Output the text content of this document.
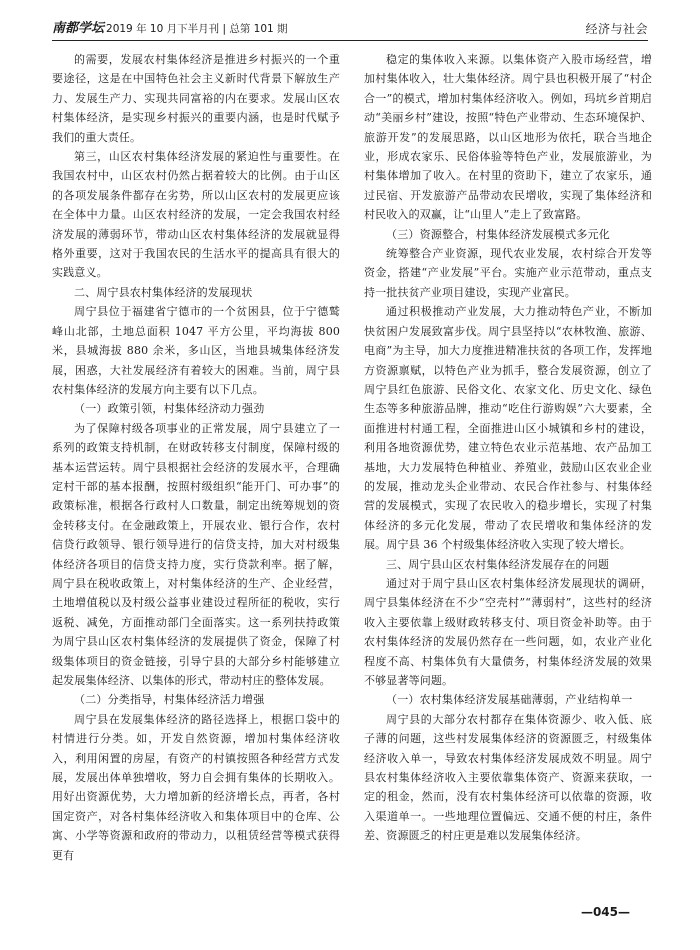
南都学坛 2019 年 10 月下半月刊 | 总第 101 期	经济与社会

的需要，发展农村集体经济是推进乡村振兴的一个重要途径，这是在中国特色社会主义新时代背景下解放生产力、发展生产力、实现共同富裕的内在要求。发展山区农村集体经济，是实现乡村振兴的重要内涵，也是时代赋予我们的重大责任。

第三，山区农村集体经济发展的紧迫性与重要性。在我国农村中，山区农村仍然占据着较大的比例。由于山区的各项发展条件都存在劣势，所以山区农村的发展更应该在全体中力量。山区农村经济的发展，一定会我国农村经济发展的薄弱环节，带动山区农村集体经济的发展就显得格外重要，这对于我国农民的生活水平的提高具有很大的实践意义。

二、周宁县农村集体经济的发展现状

周宁县位于福建省宁德市的一个贫困县，位于宁德鹫峰山北部，土地总面积 1047 平方公里，平均海拔 800 米，县城海拔 880 余米，多山区，当地县城集体经济发展，困惑，大社发展经济有着较大的困难。当前，周宁县农村集体经济的发展方向主要有以下几点。

（一）政策引领，村集体经济动力强劲

为了保障村级各项事业的正常发展，周宁县建立了一系列的政策支持机制，在财政转移支付制度，保障村级的基本运营运转。周宁县根据社会经济的发展水平，合理确定村干部的基本报酬，按照村级组织“能开门、可办事”的政策标准，根据各行政村人口数量，制定出统筹规划的资金转移支付。在金融政策上，开展农业、银行合作，农村信贷行政领导、银行领导进行的信贷支持，加大对村级集体经济各项目的信贷支持力度，实行贷款利率。据了解，周宁县在税收政策上，对村集体经济的生产、企业经营，土地增值税以及村级公益事业建设过程所征的税收，实行返税、减免，方面推动部门全面落实。这一系列扶持政策为周宁县山区农村集体经济的发展提供了资金，保障了村级集体项目的资金链接，引导宁县的大部分乡村能够建立起发展集体经济、以集体的形式，带动村庄的整体发展。

（二）分类指导，村集体经济活力增强

周宁县在发展集体经济的路径选择上，根据口袋中的村情进行分类。如，开发自然资源，增加村集体经济收入，利用闲置的房屋，有资产的村镇按照各种经营方式发展，发展出体单独增收，努力自会拥有集体的长期收入。用好出资源优势，大力增加新的经济增长点，再者，各村国定资产，对各村集体经济收入和集体项目中的仓库、公寓、小学等资源和政府的带动力，以租赁经营等模式获得更有

稳定的集体收入来源。以集体资产入股市场经营，增加村集体收入，壮大集体经济。周宁县也积极开展了“村企合一”的模式，增加村集体经济收入。例如，玛坑乡首期启动“美丽乡村”建设，按照“特色产业带动、生态环境保护、旅游开发”的发展思路，以山区地形为依托，联合当地企业，形成农家乐、民俗体验等特色产业，发展旅游业，为村集体增加了收入。在村里的资助下，建立了农家乐，通过民宿、开发旅游产品带动农民增收，实现了集体经济和村民收入的双赢，让“山里人”走上了致富路。

（三）资源整合，村集体经济发展模式多元化

统筹整合产业资源，现代农业发展，农村综合开发等资金，搭建“产业发展”平台。实施产业示范带动，重点支持一批扶贫产业项目建设，实现产业富民。

通过积极推动产业发展，大力推动特色产业，不断加快贫困户发展致富步伐。周宁县坚持以“农林牧渔、旅游、电商”为主导，加大力度推进精准扶贫的各项工作，发挥地方资源禀赋，以特色产业为抓手，整合发展资源，创立了周宁县红色旅游、民俗文化、农家文化、历史文化、绿色生态等多种旅游品牌，推动“吃住行游购娱”六大要素，全面推进村村通工程，全面推进山区小城镇和乡村的建设，利用各地资源优势，建立特色农业示范基地、农产品加工基地，大力发展特色种植业、养殖业，鼓励山区农业企业的发展，推动龙头企业带动、农民合作社参与、村集体经营的发展模式，实现了农民收入的稳步增长，实现了村集体经济的多元化发展，带动了农民增收和集体经济的发展。周宁县 36 个村级集体经济收入实现了较大增长。

三、周宁县山区农村集体经济发展存在的问题

通过对于周宁县山区农村集体经济发展现状的调研，周宁县集体经济在不少“空壳村”“薄弱村”，这些村的经济收入主要依靠上级财政转移支付、项目资金补助等。由于农村集体经济的发展仍然存在一些问题，如，农业产业化程度不高、村集体负有大量债务，村集体经济发展的效果不够显著等问题。

（一）农村集体经济发展基础薄弱，产业结构单一

周宁县的大部分农村都存在集体资源少、收入低、底子薄的问题，这些村发展集体经济的资源匮乏，村级集体经济收入单一，导致农村集体经济发展成效不明显。周宁县农村集体经济收入主要依靠集体资产、资源来获取，一定的租金，然而，没有农村集体经济可以依靠的资源，收入渠道单一。一些地理位置偏远、交通不便的村庄，条件差、资源匮乏的村庄更是难以发展集体经济。

—045—
